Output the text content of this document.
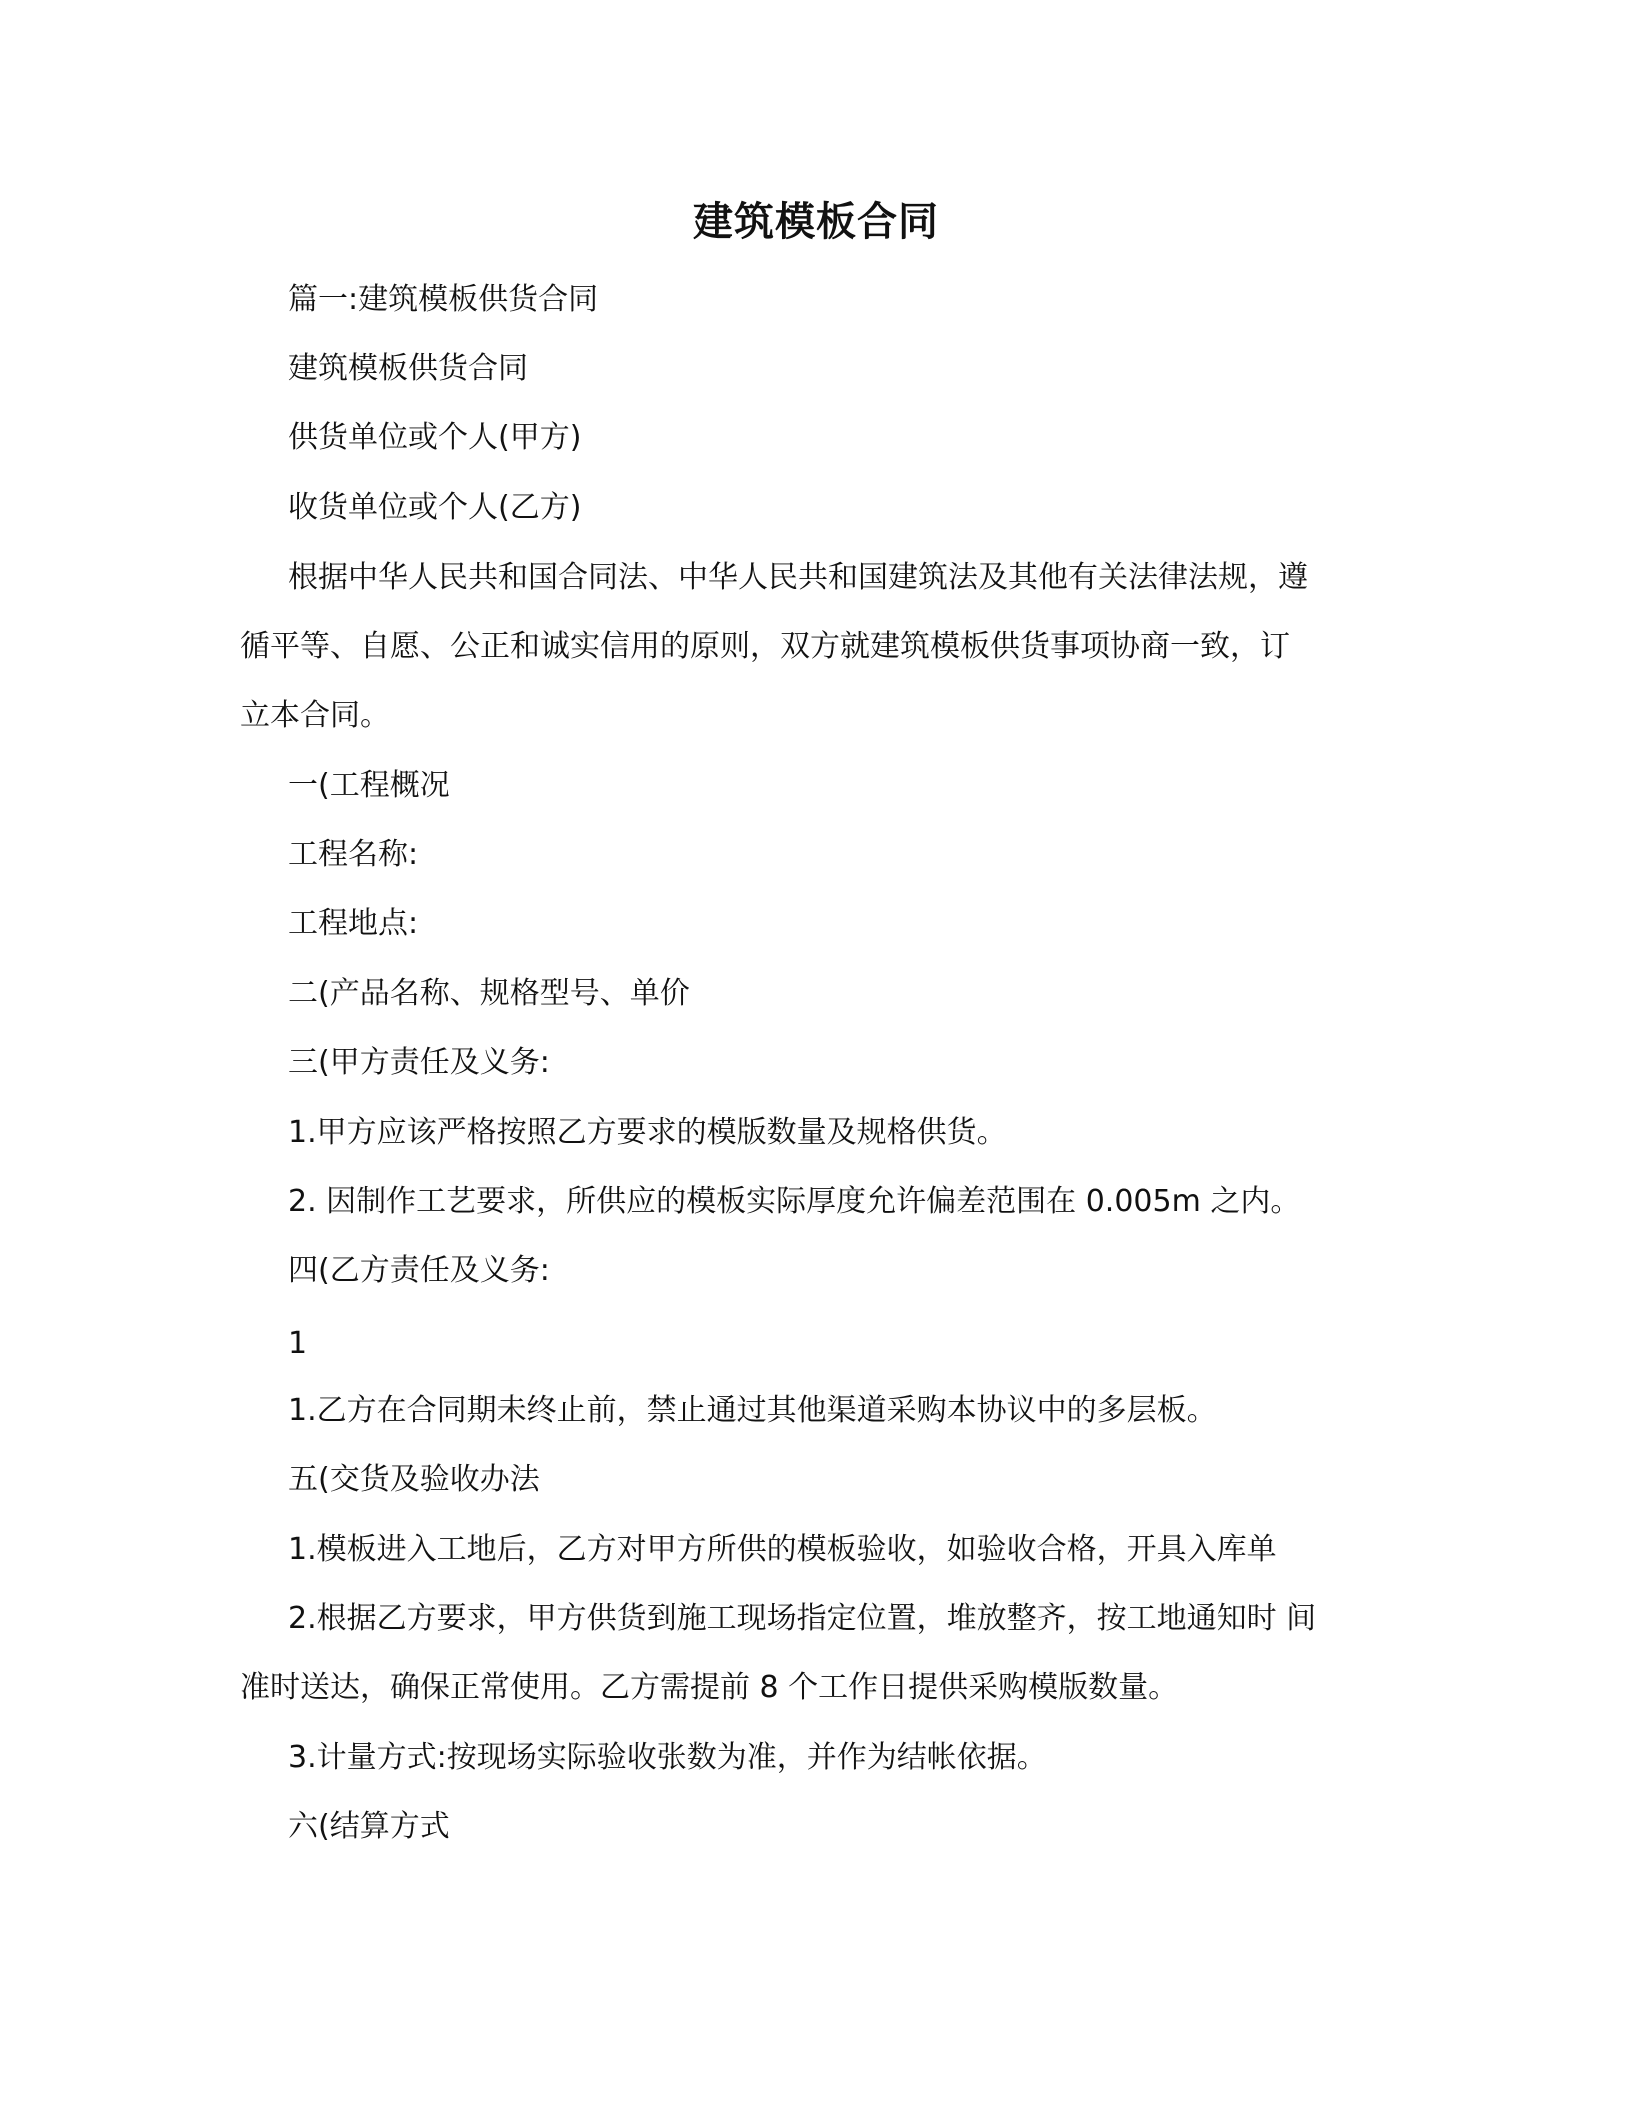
建筑模板合同
篇一:建筑模板供货合同
建筑模板供货合同
供货单位或个人(甲方)
收货单位或个人(乙方)
根据中华人民共和国合同法、中华人民共和国建筑法及其他有关法律法规，遵
循平等、自愿、公正和诚实信用的原则，双方就建筑模板供货事项协商一致，订
立本合同。
一(工程概况
工程名称:
工程地点:
二(产品名称、规格型号、单价
三(甲方责任及义务:
1.甲方应该严格按照乙方要求的模版数量及规格供货。
2. 因制作工艺要求，所供应的模板实际厚度允许偏差范围在 0.005m 之内。
四(乙方责任及义务:
1
1.乙方在合同期未终止前，禁止通过其他渠道采购本协议中的多层板。
五(交货及验收办法
1.模板进入工地后，乙方对甲方所供的模板验收，如验收合格，开具入库单
2.根据乙方要求，甲方供货到施工现场指定位置，堆放整齐，按工地通知时 间
准时送达，确保正常使用。乙方需提前 8 个工作日提供采购模版数量。
3.计量方式:按现场实际验收张数为准，并作为结帐依据。
六(结算方式
